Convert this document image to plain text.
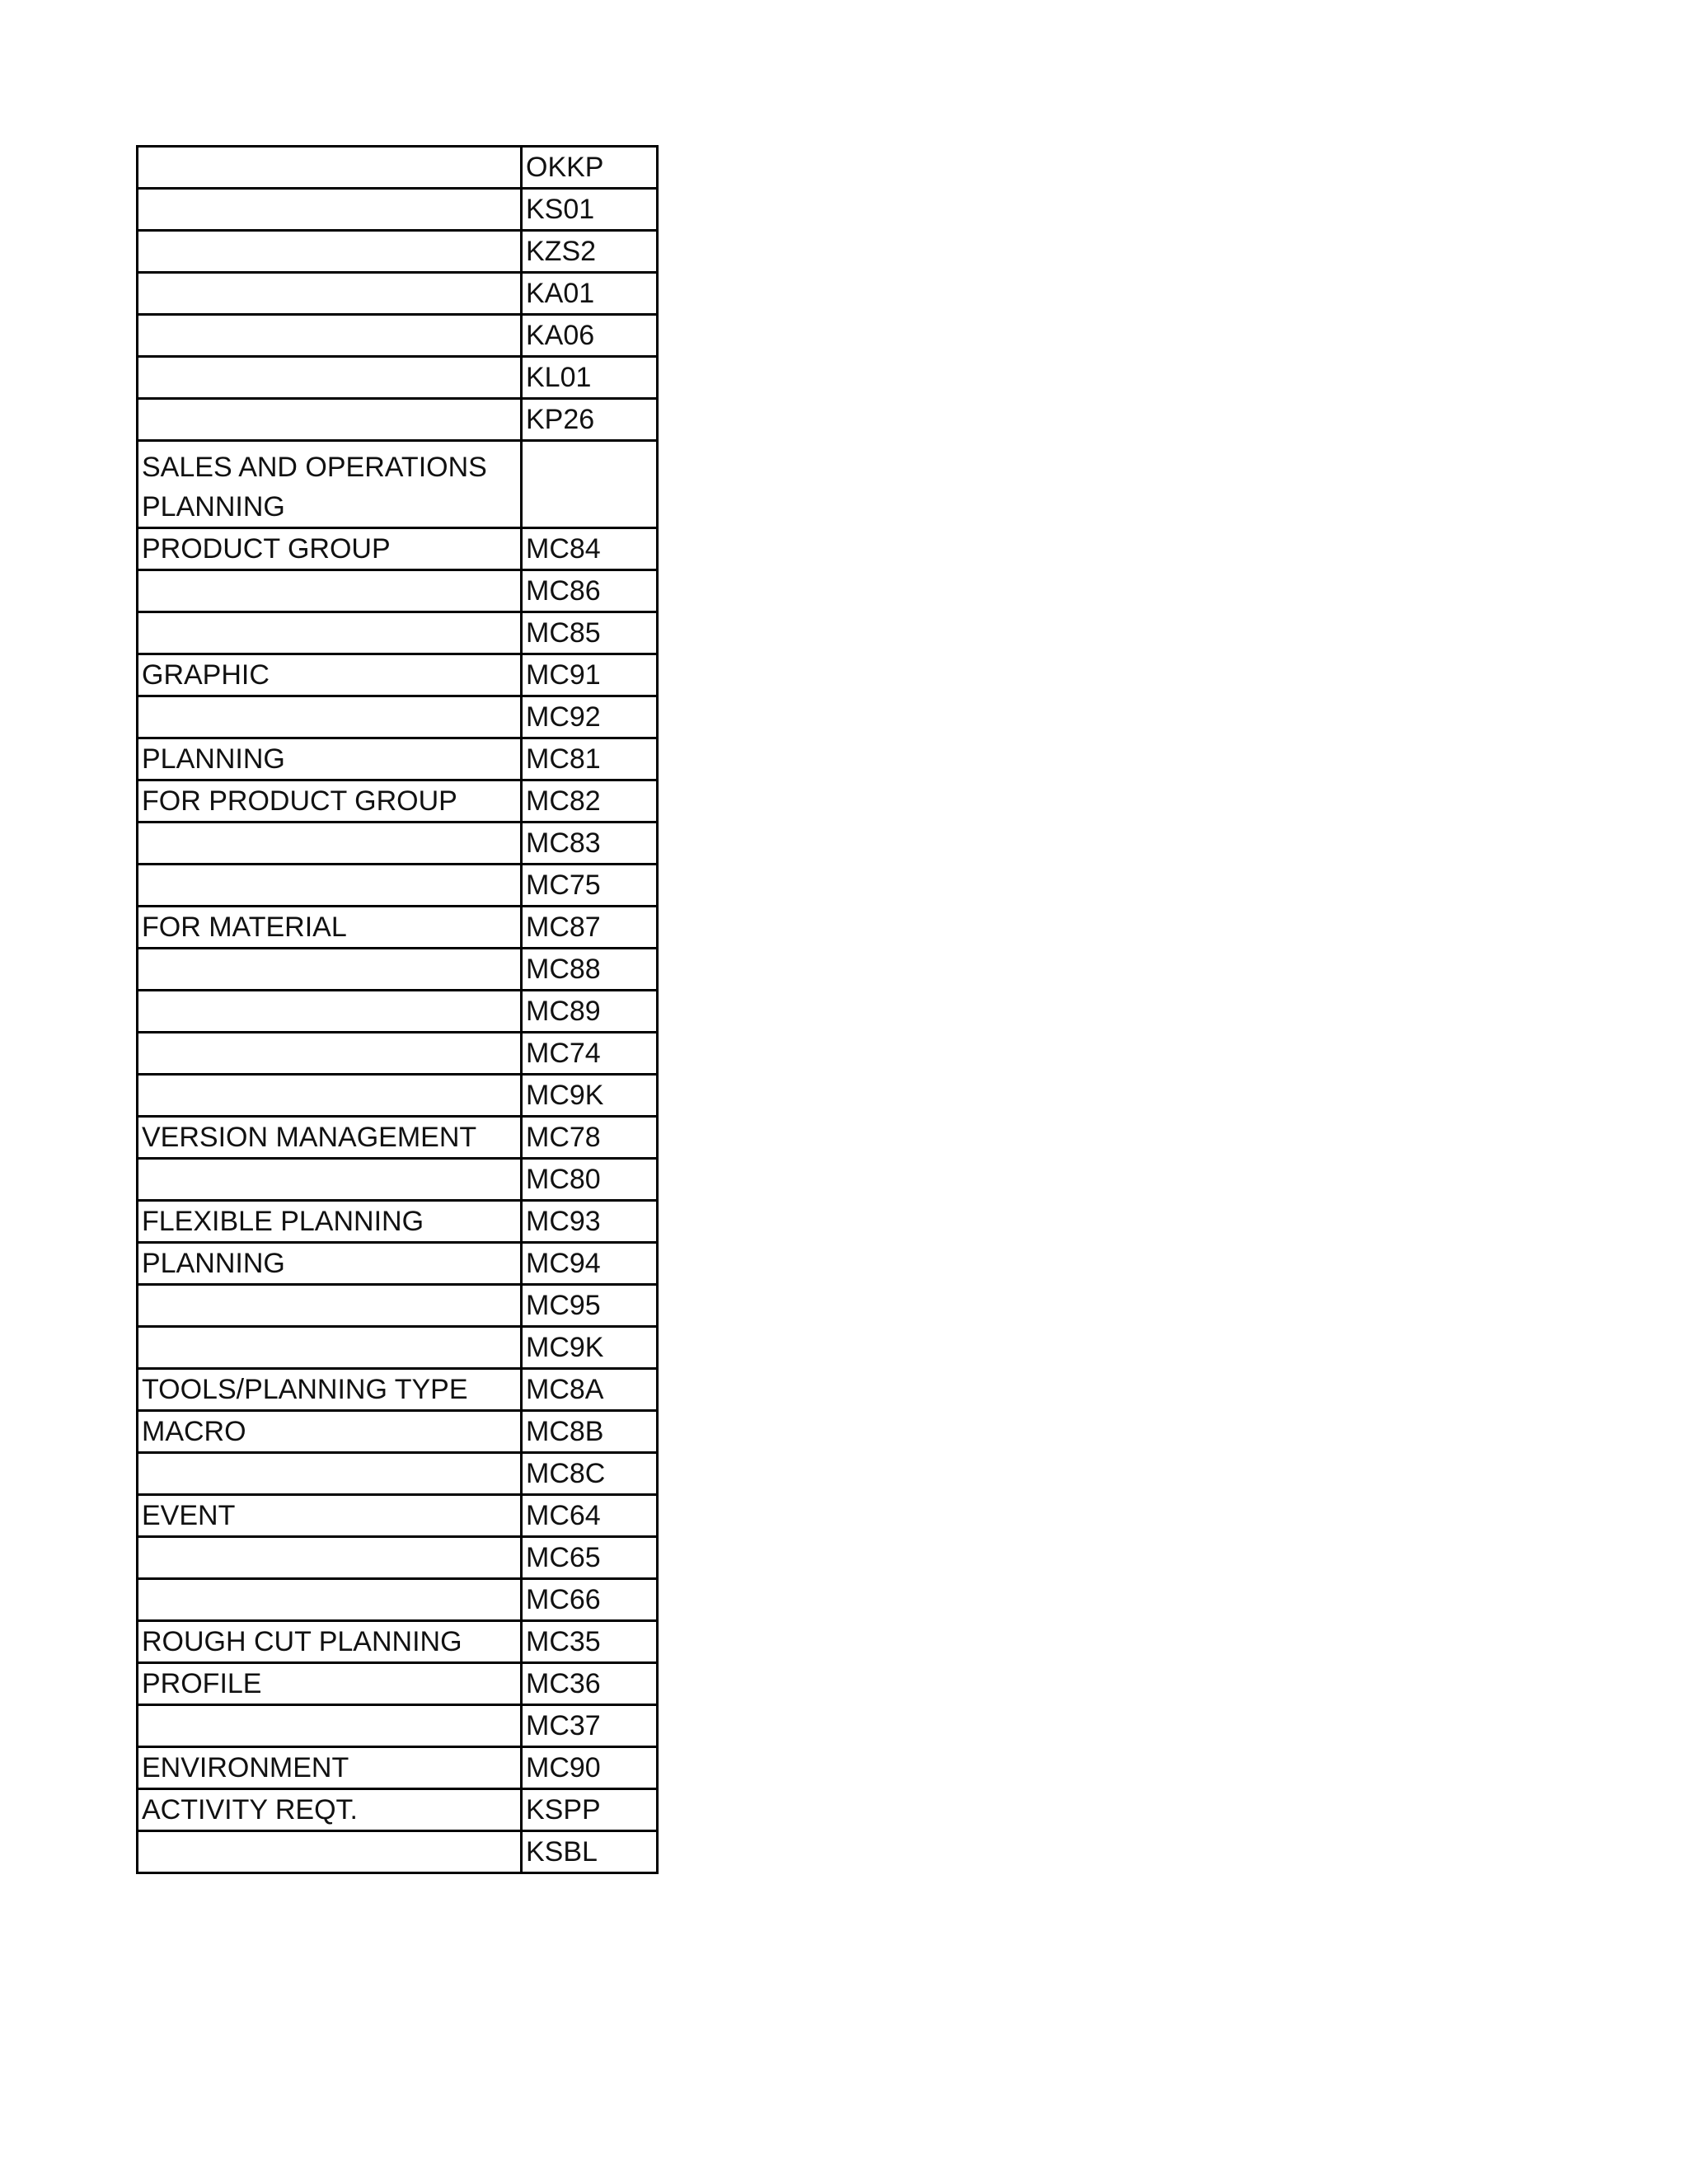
	OKKP
	KS01
	KZS2
	KA01
	KA06
	KL01
	KP26
SALES AND OPERATIONS PLANNING	
PRODUCT GROUP	MC84
	MC86
	MC85
GRAPHIC	MC91
	MC92
PLANNING	MC81
FOR PRODUCT GROUP	MC82
	MC83
	MC75
FOR MATERIAL	MC87
	MC88
	MC89
	MC74
	MC9K
VERSION MANAGEMENT	MC78
	MC80
FLEXIBLE PLANNING	MC93
PLANNING	MC94
	MC95
	MC9K
TOOLS/PLANNING TYPE	MC8A
MACRO	MC8B
	MC8C
EVENT	MC64
	MC65
	MC66
ROUGH CUT PLANNING	MC35
PROFILE	MC36
	MC37
ENVIRONMENT	MC90
ACTIVITY REQT.	KSPP
	KSBL
